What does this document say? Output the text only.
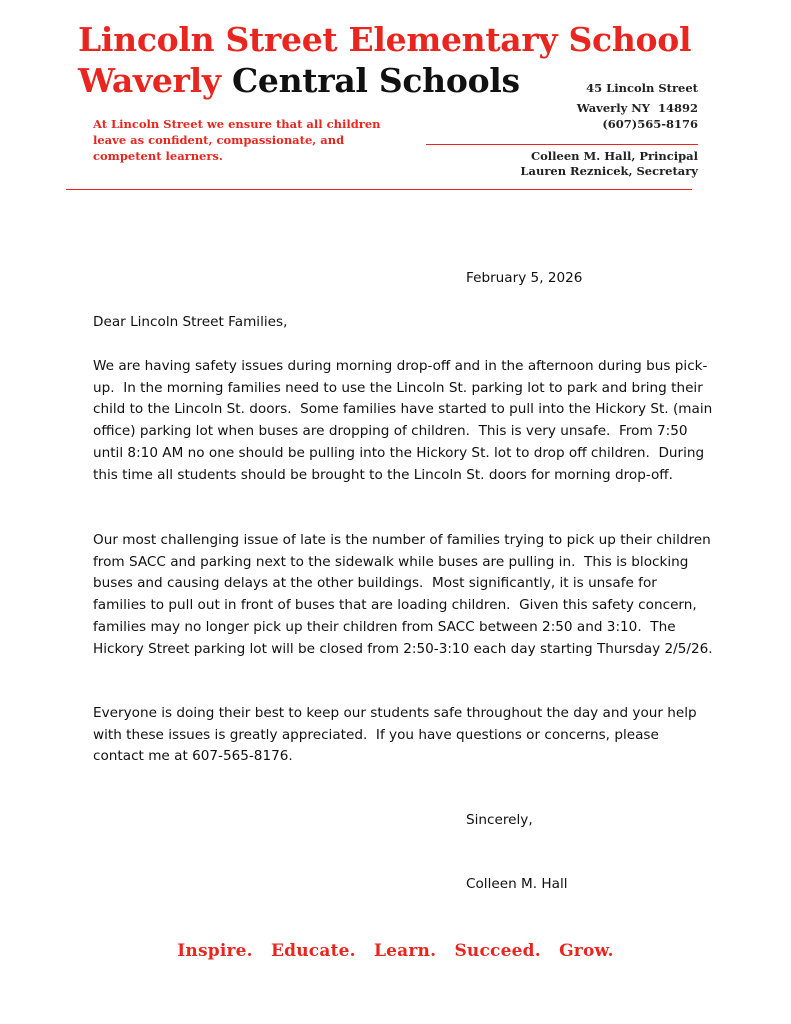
Lincoln Street Elementary School
Waverly Central Schools	45 Lincoln Street
Waverly NY  14892
(607)565-8176
Colleen M. Hall, Principal
Lauren Reznicek, Secretary
At Lincoln Street we ensure that all children leave as confident, compassionate, and competent learners.
February 5, 2026
Dear Lincoln Street Families,

We are having safety issues during morning drop-off and in the afternoon during bus pick-up.  In the morning families need to use the Lincoln St. parking lot to park and bring their child to the Lincoln St. doors.  Some families have started to pull into the Hickory St. (main office) parking lot when buses are dropping of children.  This is very unsafe.  From 7:50 until 8:10 AM no one should be pulling into the Hickory St. lot to drop off children.  During this time all students should be brought to the Lincoln St. doors for morning drop-off.

Our most challenging issue of late is the number of families trying to pick up their children from SACC and parking next to the sidewalk while buses are pulling in.  This is blocking buses and causing delays at the other buildings.  Most significantly, it is unsafe for families to pull out in front of buses that are loading children.  Given this safety concern, families may no longer pick up their children from SACC between 2:50 and 3:10.  The Hickory Street parking lot will be closed from 2:50-3:10 each day starting Thursday 2/5/26.

Everyone is doing their best to keep our students safe throughout the day and your help with these issues is greatly appreciated.  If you have questions or concerns, please contact me at 607-565-8176.

Sincerely,
Colleen M. Hall
Inspire.  Educate.  Learn.  Succeed.  Grow.
